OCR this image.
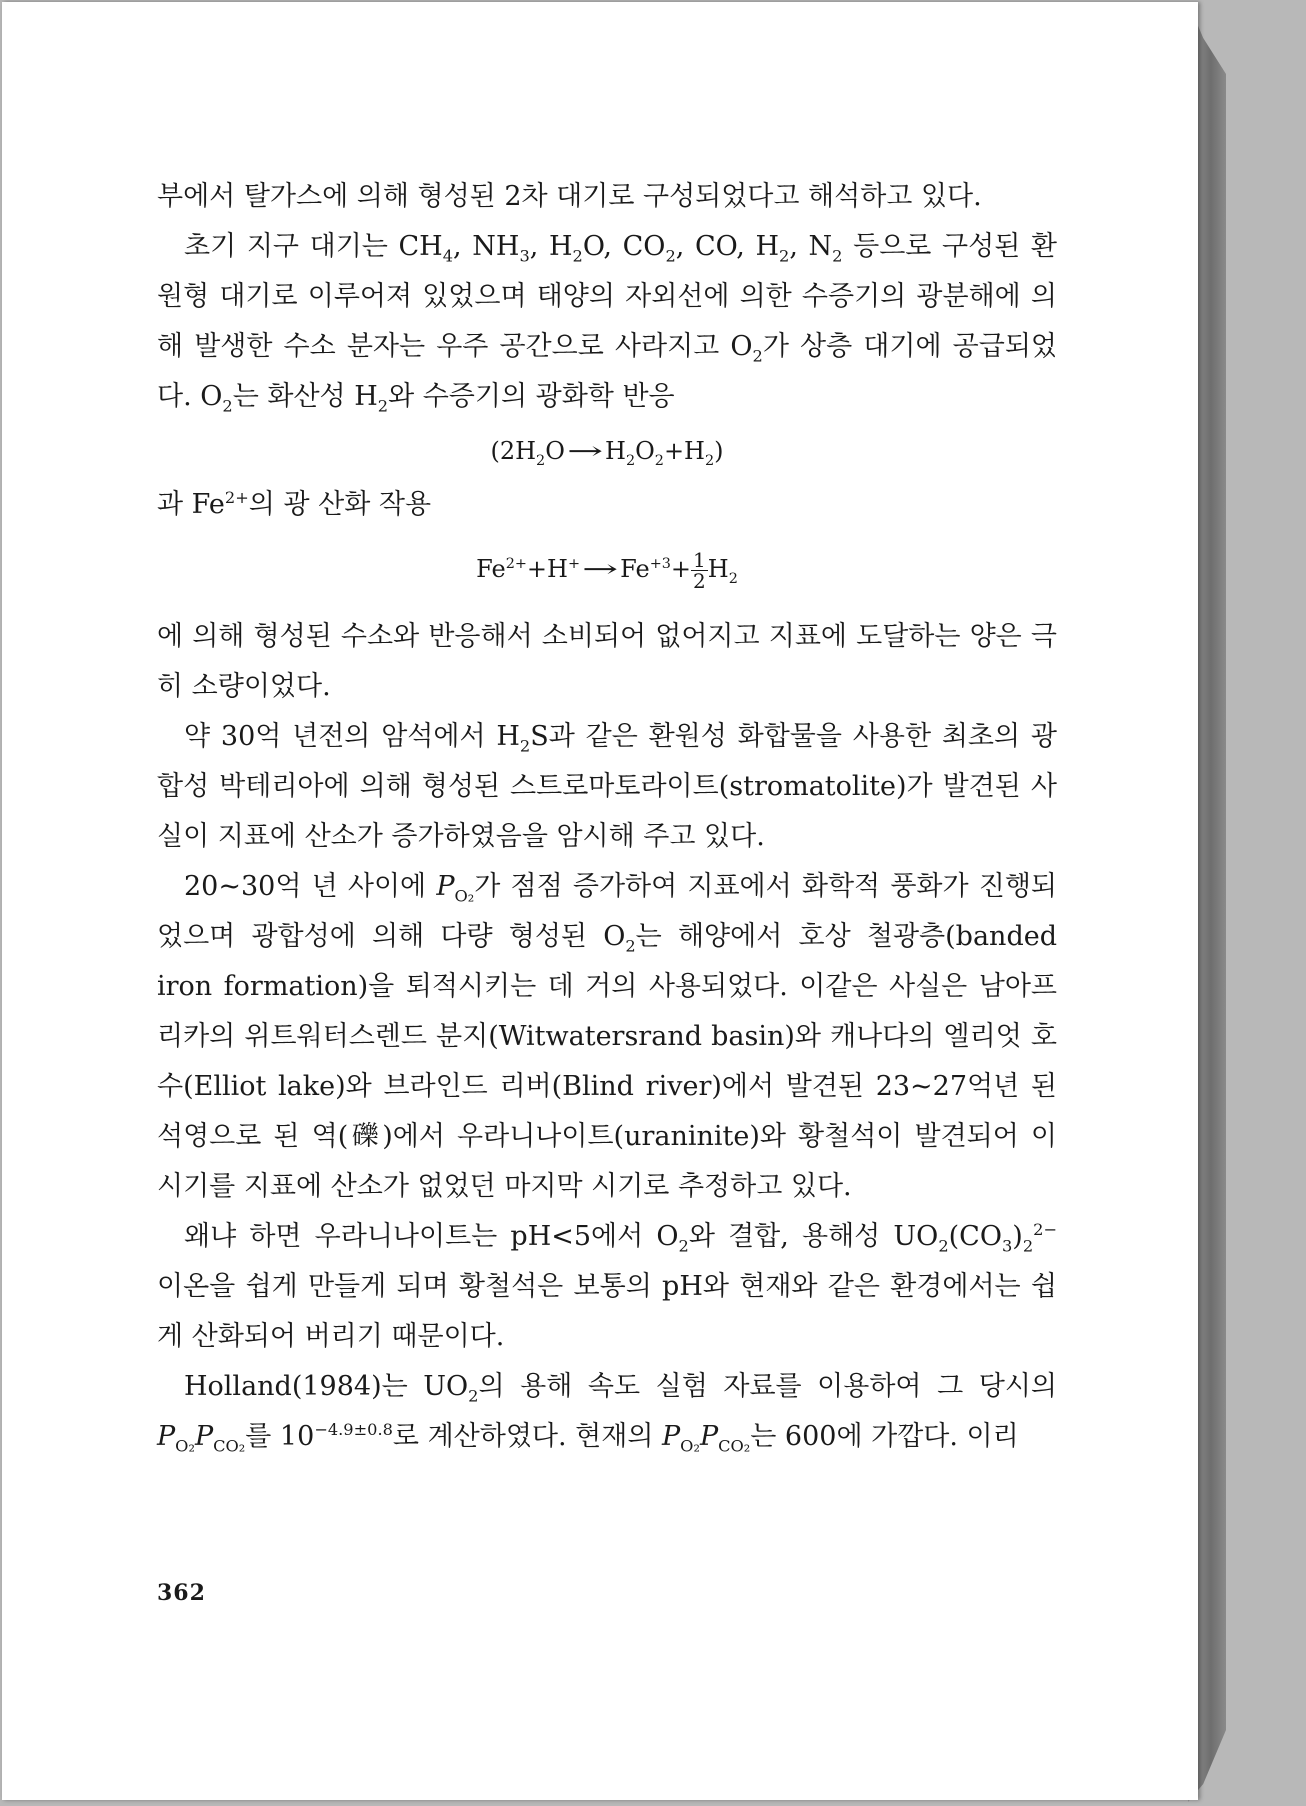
부에서 탈가스에 의해 형성된 2차 대기로 구성되었다고 해석하고 있다.

초기 지구 대기는 $CH_4$, $NH_3$, $H_2O$, $CO_2$, CO, $H_2$, $N_2$ 등으로 구성된 환원형 대기로 이루어져 있었으며 태양의 자외선에 의한 수증기의 광분해에 의해 발생한 수소 분자는 우주 공간으로 사라지고 $O_2$가 상층 대기에 공급되었다. $O_2$는 화산성 $H_2$와 수증기의 광화학 반응

$(2H_2O\to H_2O_2+H_2)$

과 $Fe^{2+}$의 광 산화 작용

$Fe^{2+}+H^+\to Fe^{+3}+ \frac{1}{2} H_2$

에 의해 형성된 수소와 반응해서 소비되어 없어지고 지표에 도달하는 양은 극히 소량이었다.

약 30억 년전의 암석에서 $H_2S$과 같은 환원성 화합물을 사용한 최초의 광합성 박테리아에 의해 형성된 스트로마토라이트(stromatolite)가 발견된 사실이 지표에 산소가 증가하였음을 암시해 주고 있다.

20~30억 년 사이에 $P_{O_2}$가 점점 증가하여 지표에서 화학적 풍화가 진행되었으며 광합성에 의해 다량 형성된 $O_2$는 해양에서 호상 철광층(banded iron formation)을 퇴적시키는 데 거의 사용되었다. 이같은 사실은 남아프리카의 위트워터스렌드 분지(Witwatersrand basin)와 캐나다의 엘리엇 호수(Elliot lake)와 브라인드 리버(Blind river)에서 발견된 23~27억년 된 석영으로 된 역(礫)에서 우라니나이트(uraninite)와 황철석이 발견되어 이 시기를 지표에 산소가 없었던 마지막 시기로 추정하고 있다.

왜냐 하면 우라니나이트는 pH<5에서 $O_2$와 결합, 용해성 $UO_2(CO_3)_2^{2-}$ 이온을 쉽게 만들게 되며 황철석은 보통의 pH와 현재와 같은 환경에서는 쉽게 산화되어 버리기 때문이다.

Holland(1984)는 $UO_2$의 용해 속도 실험 자료를 이용하여 그 당시의 $P_{O_2}P_{CO_2}$를 $10^{-4.9\pm 0.8}$로 계산하였다. 현재의 $P_{O_2}P_{CO_2}$는 600에 가깝다. 이리

362
